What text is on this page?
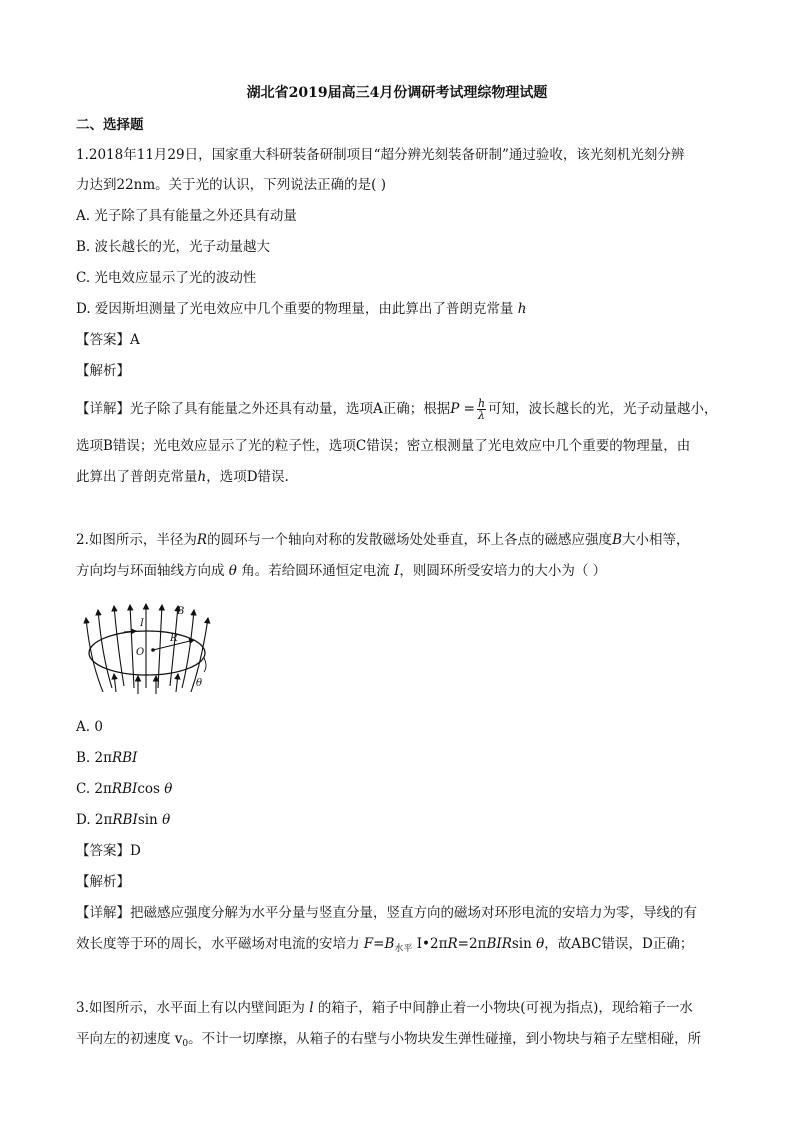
湖北省2019届高三4月份调研考试理综物理试题
二、选择题
1.2018年11月29日，国家重大科研装备研制项目“超分辨光刻装备研制”通过验收，该光刻机光刻分辨
力达到22nm。关于光的认识，下列说法正确的是( )
A. 光子除了具有能量之外还具有动量
B. 波长越长的光，光子动量越大
C. 光电效应显示了光的波动性
D. 爱因斯坦测量了光电效应中几个重要的物理量，由此算出了普朗克常量 h
【答案】A
【解析】
【详解】光子除了具有能量之外还具有动量，选项A正确；根据$P = \frac{h}{\lambda}$ 可知，波长越长的光，光子动量越小，
选项B错误；光电效应显示了光的粒子性，选项C错误；密立根测量了光电效应中几个重要的物理量，由
此算出了普朗克常量h，选项D错误.
2.如图所示，半径为R的圆环与一个轴向对称的发散磁场处处垂直，环上各点的磁感应强度B大小相等，
方向均与环面轴线方向成 θ 角。若给圆环通恒定电流 I，则圆环所受安培力的大小为（ ）
I
B
R
O
θ
A. 0
B. 2πRBI
C. 2πRBIcos θ
D. 2πRBIsin θ
【答案】D
【解析】
【详解】把磁感应强度分解为水平分量与竖直分量，竖直方向的磁场对环形电流的安培力为零，导线的有
效长度等于环的周长，水平磁场对电流的安培力 $F=B_{水平}$ I•2πR=2πBIRsin θ，故ABC错误，D正确；
3.如图所示，水平面上有以内壁间距为 l 的箱子，箱子中间静止着一小物块(可视为指点)，现给箱子一水
平向左的初速度 $v_0$。不计一切摩擦，从箱子的右壁与小物块发生弹性碰撞，到小物块与箱子左壁相碰，所
